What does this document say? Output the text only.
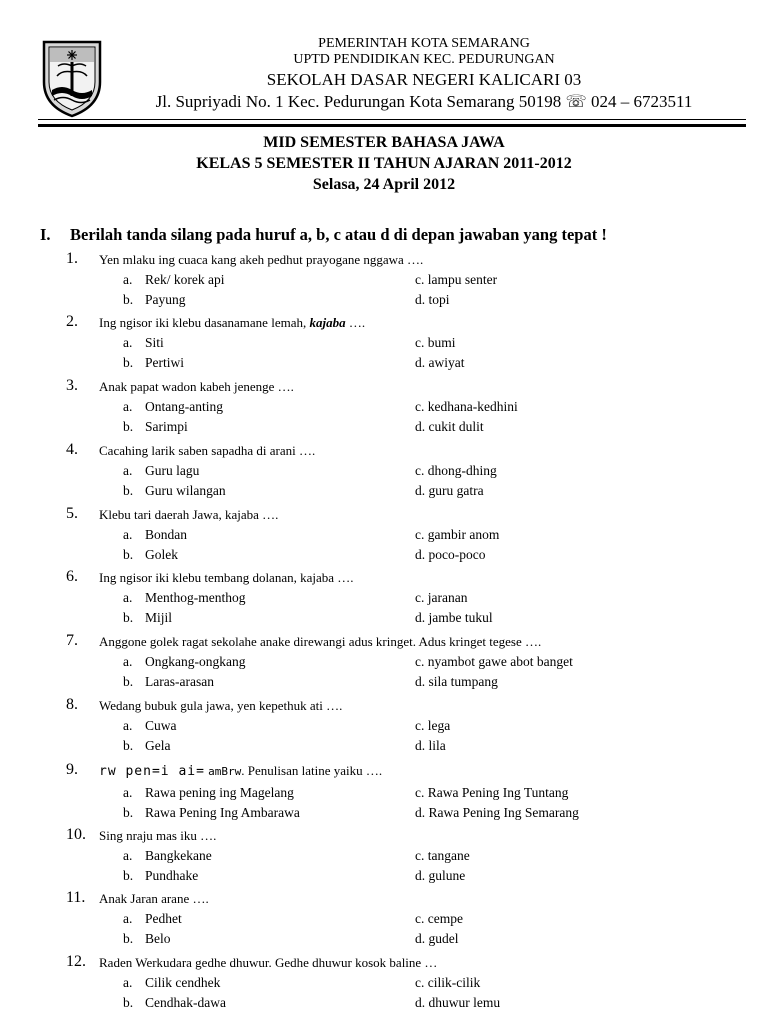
PEMERINTAH KOTA SEMARANG
UPTD PENDIDIKAN KEC. PEDURUNGAN
SEKOLAH DASAR NEGERI KALICARI 03
Jl. Supriyadi No. 1 Kec. Pedurungan Kota Semarang 50198 ☏ 024 – 6723511
MID SEMESTER BAHASA JAWA
KELAS 5 SEMESTER II TAHUN AJARAN 2011-2012
Selasa, 24 April 2012
I. Berilah tanda silang pada huruf a, b, c atau d di depan jawaban yang tepat !
1. Yen mlaku ing cuaca kang akeh pedhut prayogane nggawa ….
a. Rek/ korek api
b. Payung
c. lampu senter
d. topi
2. Ing ngisor iki klebu dasanamane lemah, kajaba ….
a. Siti
b. Pertiwi
c. bumi
d. awiyat
3. Anak papat wadon kabeh jenenge ….
a. Ontang-anting
b. Sarimpi
c. kedhana-kedhini
d. cukit dulit
4. Cacahing larik saben sapadha di arani ….
a. Guru lagu
b. Guru wilangan
c. dhong-dhing
d. guru gatra
5. Klebu tari daerah Jawa, kajaba ….
a. Bondan
b. Golek
c. gambir anom
d. poco-poco
6. Ing ngisor iki klebu tembang dolanan, kajaba ….
a. Menthog-menthog
b. Mijil
c. jaranan
d. jambe tukul
7. Anggone golek ragat sekolahe anake direwangi adus kringet. Adus kringet tegese ….
a. Ongkang-ongkang
b. Laras-arasan
c. nyambot gawe abot banget
d. sila tumpang
8. Wedang bubuk gula jawa, yen kepethuk ati ….
a. Cuwa
b. Gela
c. lega
d. lila
9. rw pen=i ai= amBrw. Penulisan latine yaiku ….
a. Rawa pening ing Magelang
b. Rawa Pening Ing Ambarawa
c. Rawa Pening Ing Tuntang
d. Rawa Pening Ing Semarang
10. Sing nraju mas iku ….
a. Bangkekane
b. Pundhake
c. tangane
d. gulune
11. Anak Jaran arane ….
a. Pedhet
b. Belo
c. cempe
d. gudel
12. Raden Werkudara gedhe dhuwur. Gedhe dhuwur kosok baline …
a. Cilik cendhek
b. Cendhak-dawa
c. cilik-cilik
d. dhuwur lemu
